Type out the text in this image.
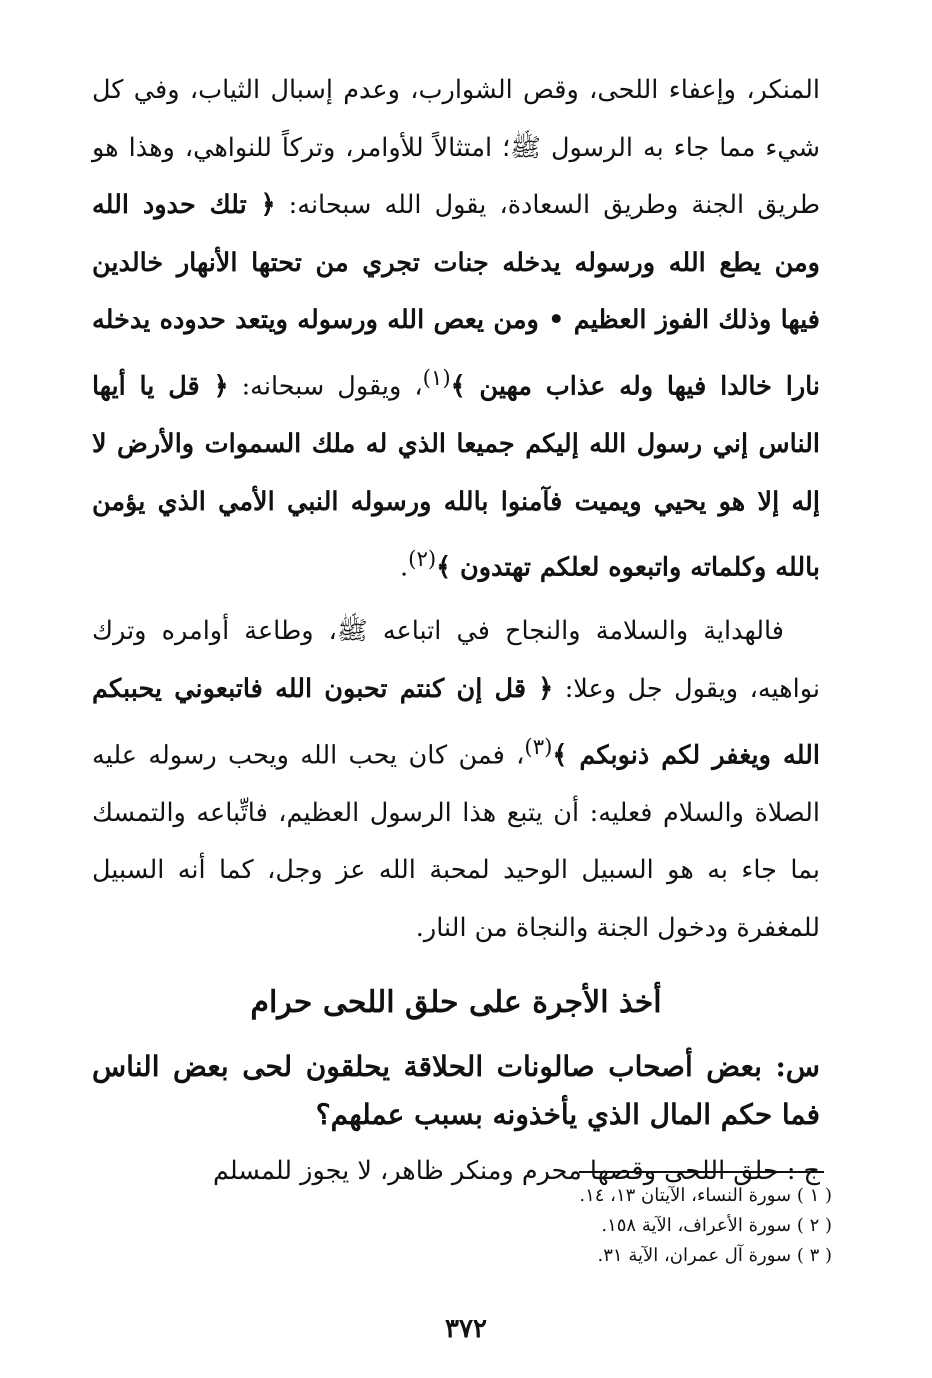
المنكر، وإعفاء اللحى، وقص الشوارب، وعدم إسبال الثياب، وفي كل شيء مما جاء به الرسول ﷺ؛ امتثالاً للأوامر، وتركاً للنواهي، وهذا هو طريق الجنة وطريق السعادة، يقول الله سبحانه: ﴿ تلك حدود الله ومن يطع الله ورسوله يدخله جنات تجري من تحتها الأنهار خالدين فيها وذلك الفوز العظيم • ومن يعص الله ورسوله ويتعد حدوده يدخله نارا خالدا فيها وله عذاب مهين ﴾$^{(١)}$، ويقول سبحانه: ﴿ قل يا أيها الناس إني رسول الله إليكم جميعا الذي له ملك السموات والأرض لا إله إلا هو يحيي ويميت فآمنوا بالله ورسوله النبي الأمي الذي يؤمن بالله وكلماته واتبعوه لعلكم تهتدون ﴾$^{(٢)}$.

فالهداية والسلامة والنجاح في اتباعه ﷺ، وطاعة أوامره وترك نواهيه، ويقول جل وعلا: ﴿ قل إن كنتم تحبون الله فاتبعوني يحببكم الله ويغفر لكم ذنوبكم ﴾$^{(٣)}$، فمن كان يحب الله ويحب رسوله عليه الصلاة والسلام فعليه: أن يتبع هذا الرسول العظيم، فاتِّباعه والتمسك بما جاء به هو السبيل الوحيد لمحبة الله عز وجل، كما أنه السبيل للمغفرة ودخول الجنة والنجاة من النار.

أخذ الأجرة على حلق اللحى حرام

س: بعض أصحاب صالونات الحلاقة يحلقون لحى بعض الناس فما حكم المال الذي يأخذونه بسبب عملهم؟

ج : حلق اللحى وقصها محرم ومنكر ظاهر، لا يجوز للمسلم

( ١ ) سورة النساء، الآيتان ١٣، ١٤.
( ٢ ) سورة الأعراف، الآية ١٥٨.
( ٣ ) سورة آل عمران، الآية ٣١.
٣٧٢
